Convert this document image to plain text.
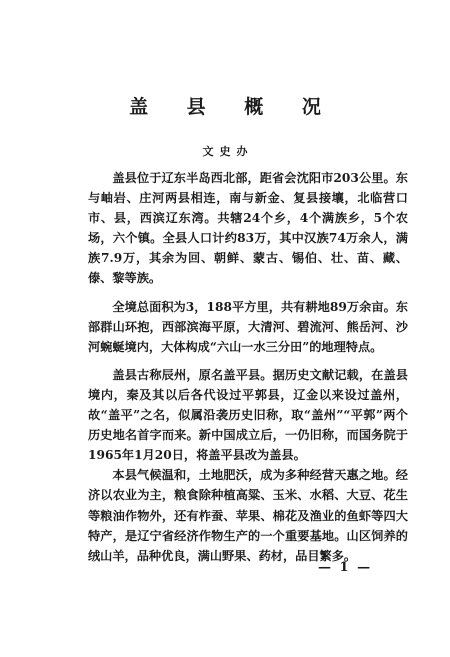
盖 县 概 况
文史办

盖县位于辽东半岛西北部，距省会沈阳市203公里。东与岫岩、庄河两县相连，南与新金、复县接壤，北临营口市、县，西滨辽东湾。共辖24个乡，4个满族乡，5个农场，六个镇。全县人口计约83万，其中汉族74万余人，满族7.9万，其余为回、朝鲜、蒙古、锡伯、壮、苗、藏、傣、黎等族。

全境总面积为3，188平方里，共有耕地89万余亩。东部群山环抱，西部滨海平原，大清河、碧流河、熊岳河、沙河蜿蜒境内，大体构成“六山一水三分田”的地理特点。

盖县古称辰州，原名盖平县。据历史文献记载，在盖县境内，秦及其以后各代设过平郭县，辽金以来设过盖州，故“盖平”之名，似属沿袭历史旧称，取“盖州”“平郭”两个历史地名首字而来。新中国成立后，一仍旧称，而国务院于1965年1月20日，将盖平县改为盖县。

本县气候温和，土地肥沃，成为多种经营天惠之地。经济以农业为主，粮食除种植高粱、玉米、水稻、大豆、花生等粮油作物外，还有柞蚕、苹果、棉花及渔业的鱼虾等四大特产，是辽宁省经济作物生产的一个重要基地。山区饲养的绒山羊，品种优良，满山野果、药材，品目繁多。

— 1 —
